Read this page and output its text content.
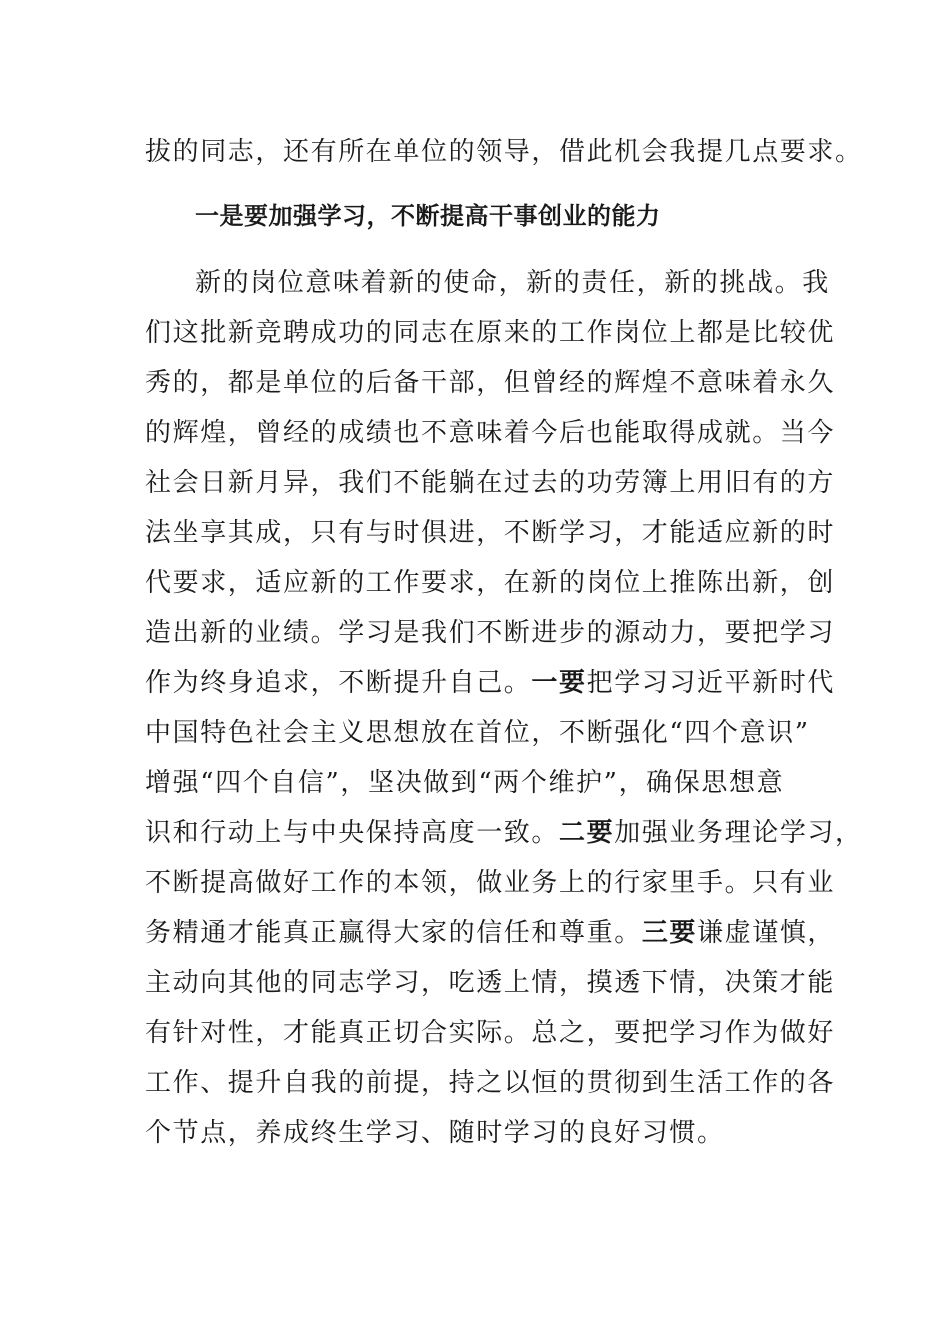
拔的同志，还有所在单位的领导，借此机会我提几点要求。
一是要加强学习，不断提高干事创业的能力
新的岗位意味着新的使命，新的责任，新的挑战。我
们这批新竞聘成功的同志在原来的工作岗位上都是比较优
秀的，都是单位的后备干部，但曾经的辉煌不意味着永久
的辉煌，曾经的成绩也不意味着今后也能取得成就。当今
社会日新月异，我们不能躺在过去的功劳簿上用旧有的方
法坐享其成，只有与时俱进，不断学习，才能适应新的时
代要求，适应新的工作要求，在新的岗位上推陈出新，创
造出新的业绩。学习是我们不断进步的源动力，要把学习
作为终身追求，不断提升自己。一要把学习习近平新时代
中国特色社会主义思想放在首位，不断强化“四个意识”
增强“四个自信”，坚决做到“两个维护”，确保思想意
识和行动上与中央保持高度一致。二要加强业务理论学习，
不断提高做好工作的本领，做业务上的行家里手。只有业
务精通才能真正赢得大家的信任和尊重。三要谦虚谨慎，
主动向其他的同志学习，吃透上情，摸透下情，决策才能
有针对性，才能真正切合实际。总之，要把学习作为做好
工作、提升自我的前提，持之以恒的贯彻到生活工作的各
个节点，养成终生学习、随时学习的良好习惯。
